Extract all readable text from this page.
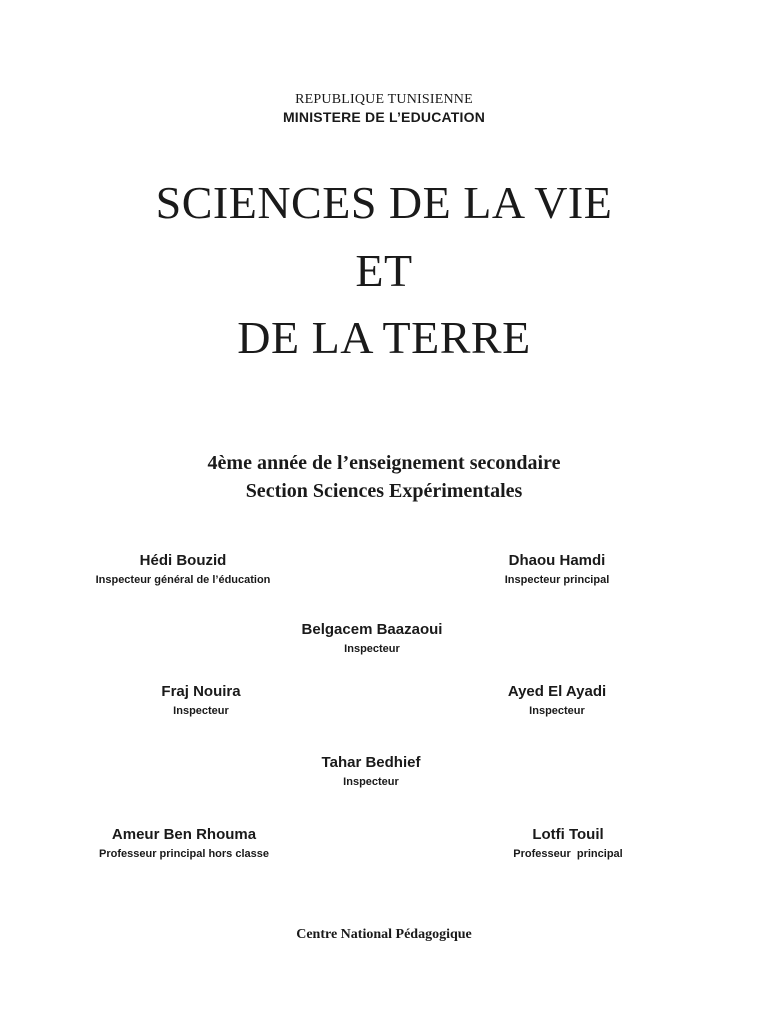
REPUBLIQUE TUNISIENNE
MINISTERE DE L’EDUCATION
SCIENCES DE LA VIE
ET
DE LA TERRE
4ème année de l’enseignement secondaire
Section Sciences Expérimentales
Hédi Bouzid
Inspecteur général de l’éducation
Dhaou Hamdi
Inspecteur principal
Belgacem Baazaoui
Inspecteur
Fraj Nouira
Inspecteur
Ayed El Ayadi
Inspecteur
Tahar Bedhief
Inspecteur
Ameur Ben Rhouma
Professeur principal hors classe
Lotfi Touil
Professeur  principal
Centre National Pédagogique
